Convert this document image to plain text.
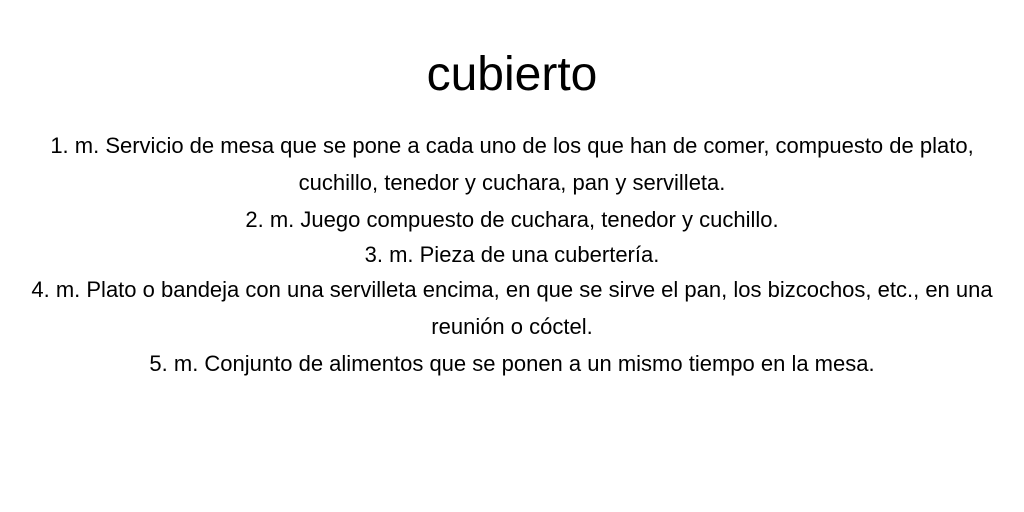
cubierto
1. m. Servicio de mesa que se pone a cada uno de los que han de comer, compuesto de plato, cuchillo, tenedor y cuchara, pan y servilleta.
2. m. Juego compuesto de cuchara, tenedor y cuchillo.
3. m. Pieza de una cubertería.
4. m. Plato o bandeja con una servilleta encima, en que se sirve el pan, los bizcochos, etc., en una reunión o cóctel.
5. m. Conjunto de alimentos que se ponen a un mismo tiempo en la mesa.
